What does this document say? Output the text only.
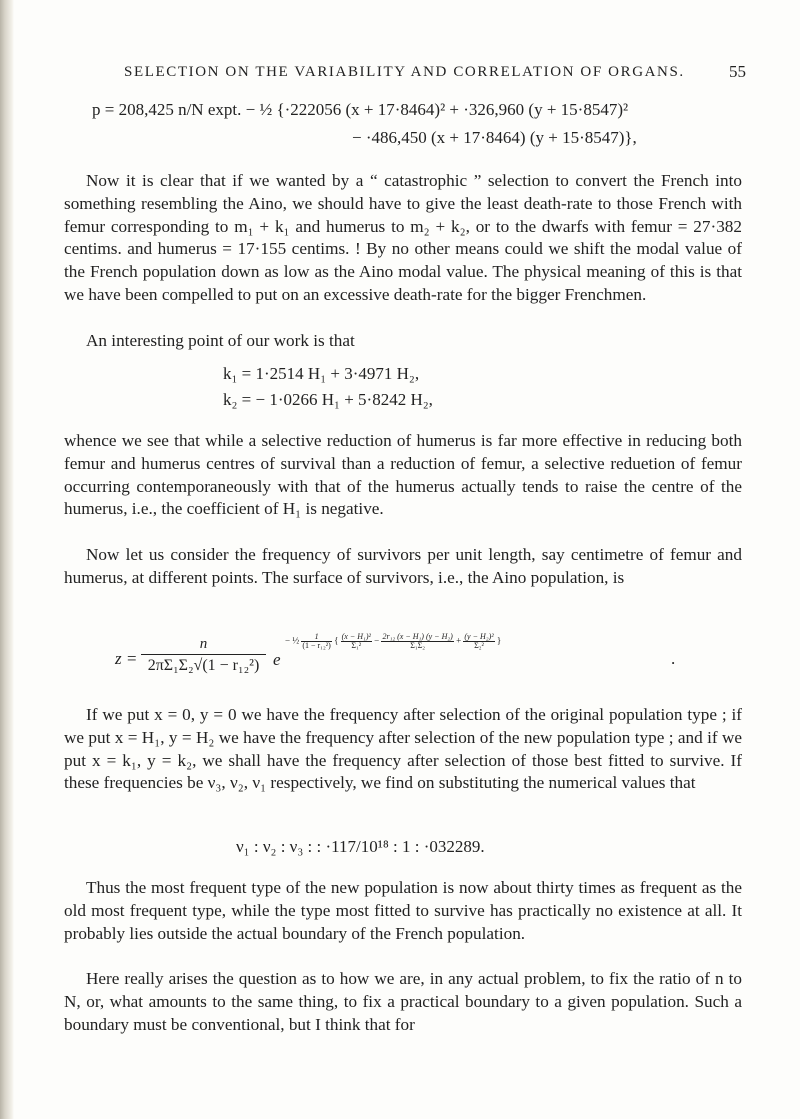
SELECTION ON THE VARIABILITY AND CORRELATION OF ORGANS.	55
p = 208,425 n/N expt. − ½ {·222056 (x + 17·8464)² + ·326,960 (y + 15·8547)²
− ·486,450 (x + 17·8464) (y + 15·8547)},

Now it is clear that if we wanted by a “ catastrophic ” selection to convert the French into something resembling the Aino, we should have to give the least death-rate to those French with femur corresponding to m₁ + k₁ and humerus to m₂ + k₂, or to the dwarfs with femur = 27·382 centims. and humerus = 17·155 centims. ! By no other means could we shift the modal value of the French population down as low as the Aino modal value. The physical meaning of this is that we have been compelled to put on an excessive death-rate for the bigger Frenchmen.

An interesting point of our work is that

k₁ = 1·2514 H₁ + 3·4971 H₂,
k₂ = − 1·0266 H₁ + 5·8242 H₂,

whence we see that while a selective reduction of humerus is far more effective in reducing both femur and humerus centres of survival than a reduction of femur, a selective reduetion of femur occurring contemporaneously with that of the humerus actually tends to raise the centre of the humerus, i.e., the coefficient of H₁ is negative.

Now let us consider the frequency of survivors per unit length, say centimetre of femur and humerus, at different points. The surface of survivors, i.e., the Aino population, is

$z = \frac{n}{\text{2πΣ₁Σ₂√(1 − r₁₂²)}}$ e
− ½ $\frac{1}{\text{(1 − r₁₂²)}}$ { $\frac{\text{(x − H₁)²}}{\text{Σ₁²}} - \frac{\text{2r₁₂ (x − H₁) (y − H₂)}}{\text{Σ₁Σ₂}} + \frac{\text{(y − H₂)²}}{\text{Σ₂²}}$ }
.

If we put x = 0, y = 0 we have the frequency after selection of the original population type ; if we put x = H₁, y = H₂ we have the frequency after selection of the new population type ; and if we put x = k₁, y = k₂, we shall have the frequency after selection of those best fitted to survive. If these frequencies be ν₃, ν₂, ν₁ respectively, we find on substituting the numerical values that

ν₁ : ν₂ : ν₃ : : ·117/10¹⁸ : 1 : ·032289.

Thus the most frequent type of the new population is now about thirty times as frequent as the old most frequent type, while the type most fitted to survive has practically no existence at all. It probably lies outside the actual boundary of the French population.

Here really arises the question as to how we are, in any actual problem, to fix the ratio of n to N, or, what amounts to the same thing, to fix a practical boundary to a given population. Such a boundary must be conventional, but I think that for
